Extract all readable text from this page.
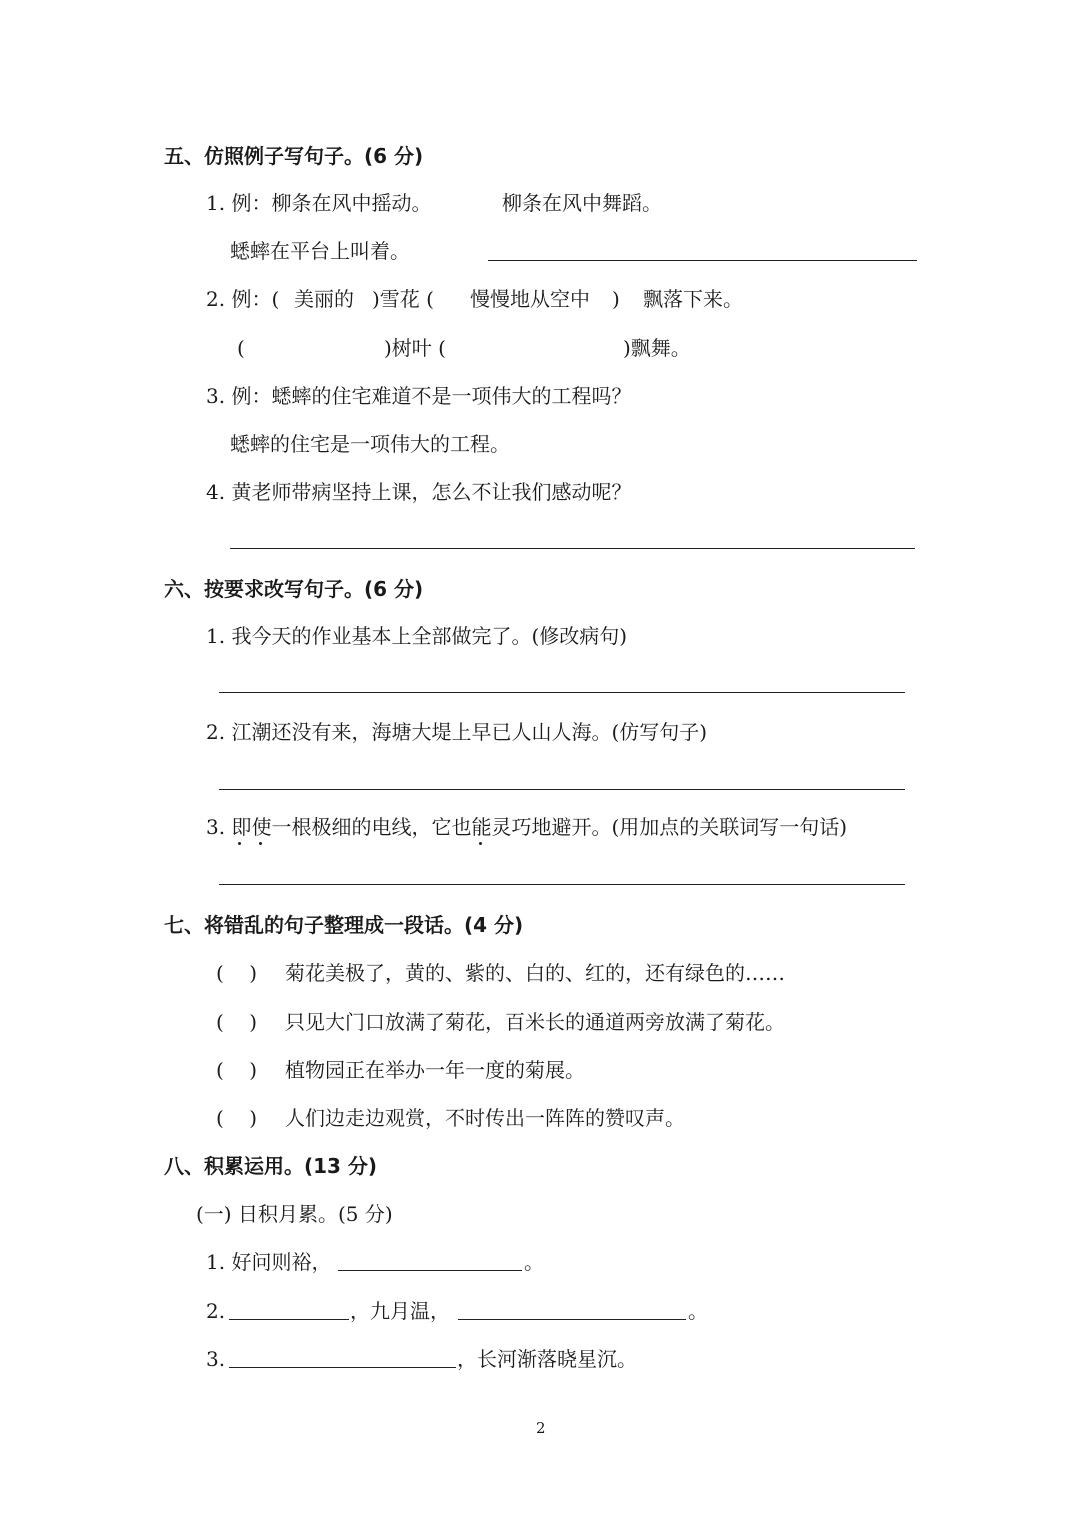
五、仿照例子写句子。(6 分)
1. 例：柳条在风中摇动。	柳条在风中舞蹈。
蟋蟀在平台上叫着。
2. 例：( 美丽的 )雪花 ( 慢慢地从空中 ) 飘落下来。
(	)树叶 (	)飘舞。
3. 例：蟋蟀的住宅难道不是一项伟大的工程吗？
蟋蟀的住宅是一项伟大的工程。
4. 黄老师带病坚持上课，怎么不让我们感动呢？
六、按要求改写句子。(6 分)
1. 我今天的作业基本上全部做完了。(修改病句)
2. 江潮还没有来，海塘大堤上早已人山人海。(仿写句子)
3. 即使一根极细的电线，它也能灵巧地避开。(用加点的关联词写一句话)
七、将错乱的句子整理成一段话。(4 分)
(    ) 菊花美极了，黄的、紫的、白的、红的，还有绿色的……
(    ) 只见大门口放满了菊花，百米长的通道两旁放满了菊花。
(    ) 植物园正在举办一年一度的菊展。
(    ) 人们边走边观赏，不时传出一阵阵的赞叹声。
八、积累运用。(13 分)
(一) 日积月累。(5 分)
1. 好问则裕，	。
2.	，九月温，	。
3.	，长河渐落晓星沉。
2
